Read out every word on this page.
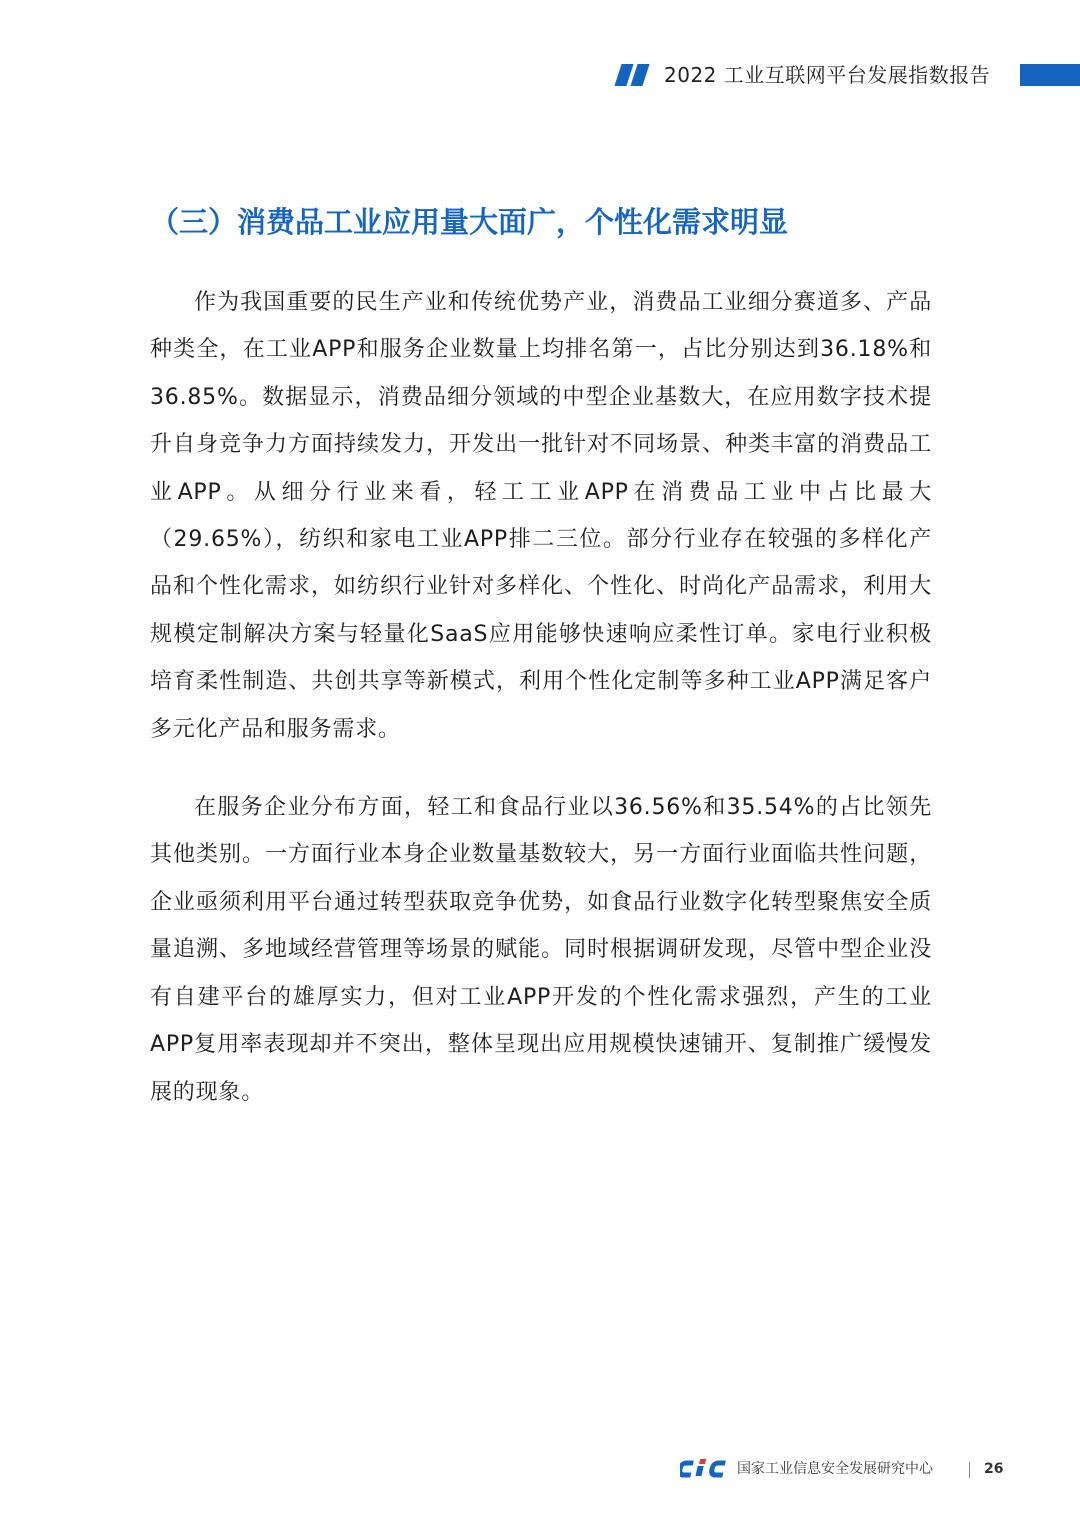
2022 工业互联网平台发展指数报告
（三）消费品工业应用量大面广，个性化需求明显

作为我国重要的民生产业和传统优势产业，消费品工业细分赛道多、产品种类全，在工业APP和服务企业数量上均排名第一，占比分别达到36.18%和36.85%。数据显示，消费品细分领域的中型企业基数大，在应用数字技术提升自身竞争力方面持续发力，开发出一批针对不同场景、种类丰富的消费品工业APP。从细分行业来看，轻工工业APP在消费品工业中占比最大（29.65%），纺织和家电工业APP排二三位。部分行业存在较强的多样化产品和个性化需求，如纺织行业针对多样化、个性化、时尚化产品需求，利用大规模定制解决方案与轻量化SaaS应用能够快速响应柔性订单。家电行业积极培育柔性制造、共创共享等新模式，利用个性化定制等多种工业APP满足客户多元化产品和服务需求。

在服务企业分布方面，轻工和食品行业以36.56%和35.54%的占比领先其他类别。一方面行业本身企业数量基数较大，另一方面行业面临共性问题，企业亟须利用平台通过转型获取竞争优势，如食品行业数字化转型聚焦安全质量追溯、多地域经营管理等场景的赋能。同时根据调研发现，尽管中型企业没有自建平台的雄厚实力，但对工业APP开发的个性化需求强烈，产生的工业APP复用率表现却并不突出，整体呈现出应用规模快速铺开、复制推广缓慢发展的现象。

国家工业信息安全发展研究中心	26
